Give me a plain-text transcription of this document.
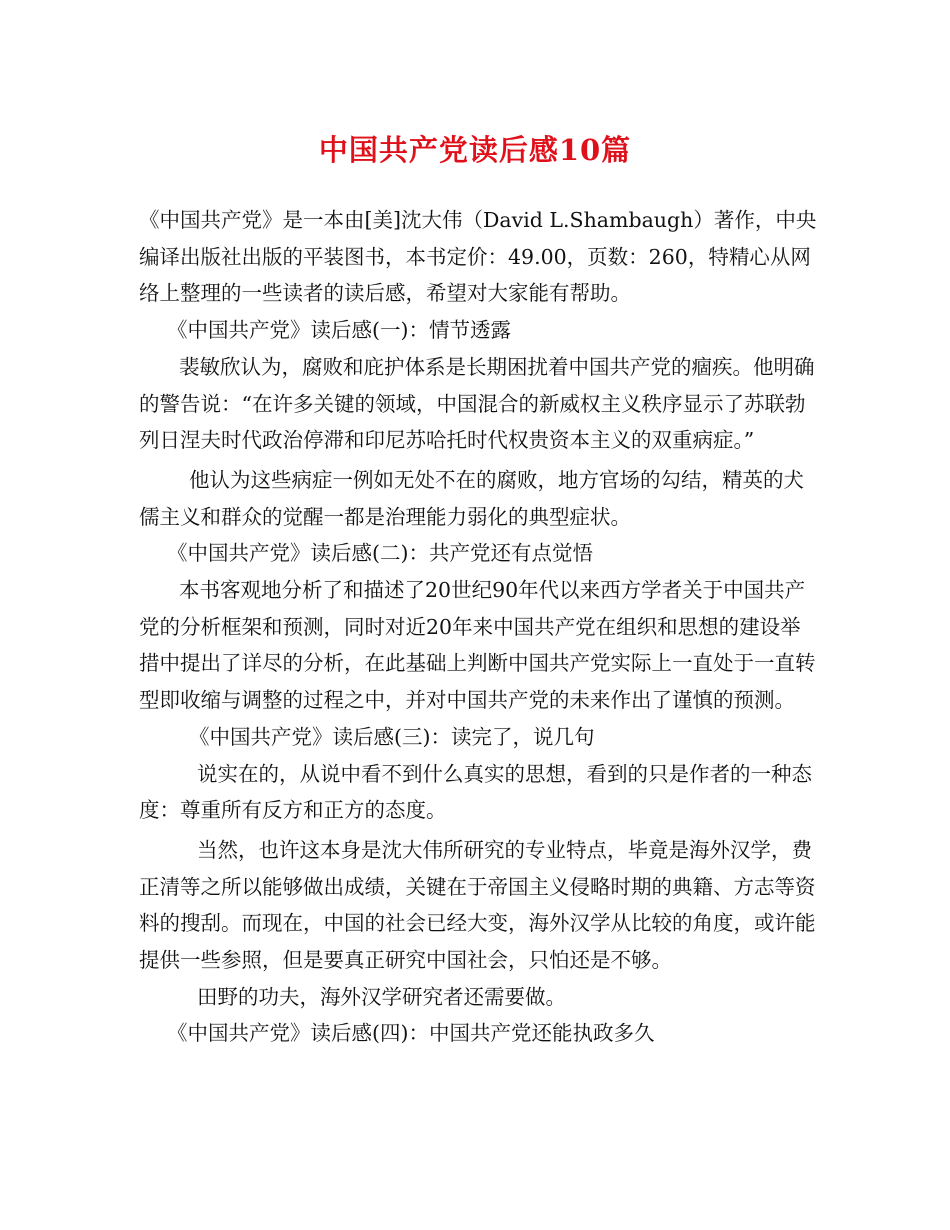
中国共产党读后感10篇

《中国共产党》是一本由[美]沈大伟（David L.Shambaugh）著作，中央编译出版社出版的平装图书，本书定价：49.00，页数：260，特精心从网络上整理的一些读者的读后感，希望对大家能有帮助。

《中国共产党》读后感(一)：情节透露

裴敏欣认为，腐败和庇护体系是长期困扰着中国共产党的痼疾。他明确的警告说：“在许多关键的领域，中国混合的新威权主义秩序显示了苏联勃列日涅夫时代政治停滞和印尼苏哈托时代权贵资本主义的双重病症。”

他认为这些病症一例如无处不在的腐败，地方官场的勾结，精英的犬儒主义和群众的觉醒一都是治理能力弱化的典型症状。

《中国共产党》读后感(二)：共产党还有点觉悟

本书客观地分析了和描述了20世纪90年代以来西方学者关于中国共产党的分析框架和预测，同时对近20年来中国共产党在组织和思想的建设举措中提出了详尽的分析，在此基础上判断中国共产党实际上一直处于一直转型即收缩与调整的过程之中，并对中国共产党的未来作出了谨慎的预测。

《中国共产党》读后感(三)：读完了，说几句

说实在的，从说中看不到什么真实的思想，看到的只是作者的一种态度：尊重所有反方和正方的态度。

当然，也许这本身是沈大伟所研究的专业特点，毕竟是海外汉学，费正清等之所以能够做出成绩，关键在于帝国主义侵略时期的典籍、方志等资料的搜刮。而现在，中国的社会已经大变，海外汉学从比较的角度，或许能提供一些参照，但是要真正研究中国社会，只怕还是不够。

田野的功夫，海外汉学研究者还需要做。

《中国共产党》读后感(四)：中国共产党还能执政多久
